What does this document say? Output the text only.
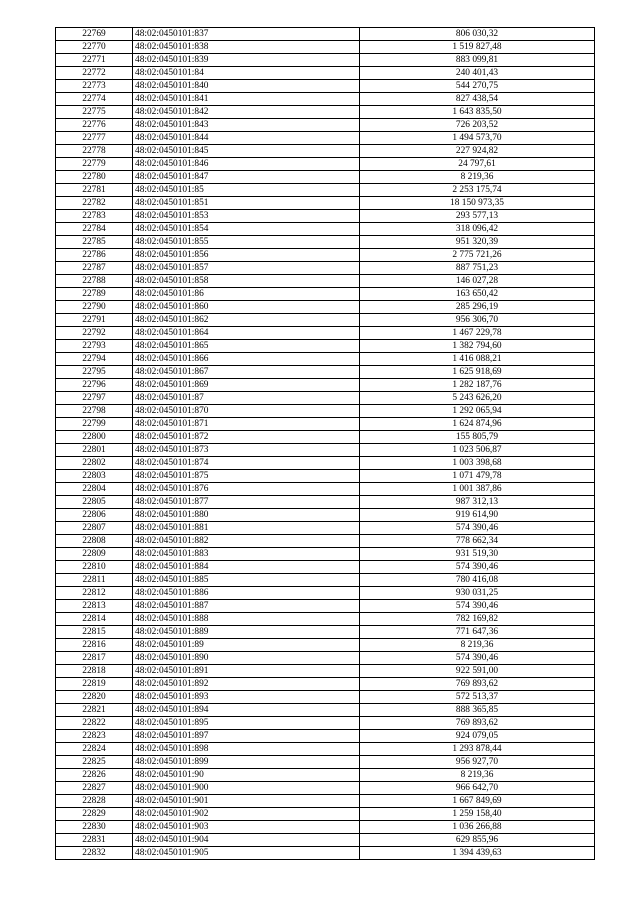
22769	48:02:0450101:837	806 030,32
22770	48:02:0450101:838	1 519 827,48
22771	48:02:0450101:839	883 099,81
22772	48:02:0450101:84	240 401,43
22773	48:02:0450101:840	544 270,75
22774	48:02:0450101:841	827 438,54
22775	48:02:0450101:842	1 643 835,50
22776	48:02:0450101:843	726 203,52
22777	48:02:0450101:844	1 494 573,70
22778	48:02:0450101:845	227 924,82
22779	48:02:0450101:846	24 797,61
22780	48:02:0450101:847	8 219,36
22781	48:02:0450101:85	2 253 175,74
22782	48:02:0450101:851	18 150 973,35
22783	48:02:0450101:853	293 577,13
22784	48:02:0450101:854	318 096,42
22785	48:02:0450101:855	951 320,39
22786	48:02:0450101:856	2 775 721,26
22787	48:02:0450101:857	887 751,23
22788	48:02:0450101:858	146 027,28
22789	48:02:0450101:86	163 650,42
22790	48:02:0450101:860	285 296,19
22791	48:02:0450101:862	956 306,70
22792	48:02:0450101:864	1 467 229,78
22793	48:02:0450101:865	1 382 794,60
22794	48:02:0450101:866	1 416 088,21
22795	48:02:0450101:867	1 625 918,69
22796	48:02:0450101:869	1 282 187,76
22797	48:02:0450101:87	5 243 626,20
22798	48:02:0450101:870	1 292 065,94
22799	48:02:0450101:871	1 624 874,96
22800	48:02:0450101:872	155 805,79
22801	48:02:0450101:873	1 023 506,87
22802	48:02:0450101:874	1 003 398,68
22803	48:02:0450101:875	1 071 479,78
22804	48:02:0450101:876	1 001 387,86
22805	48:02:0450101:877	987 312,13
22806	48:02:0450101:880	919 614,90
22807	48:02:0450101:881	574 390,46
22808	48:02:0450101:882	778 662,34
22809	48:02:0450101:883	931 519,30
22810	48:02:0450101:884	574 390,46
22811	48:02:0450101:885	780 416,08
22812	48:02:0450101:886	930 031,25
22813	48:02:0450101:887	574 390,46
22814	48:02:0450101:888	782 169,82
22815	48:02:0450101:889	771 647,36
22816	48:02:0450101:89	8 219,36
22817	48:02:0450101:890	574 390,46
22818	48:02:0450101:891	922 591,00
22819	48:02:0450101:892	769 893,62
22820	48:02:0450101:893	572 513,37
22821	48:02:0450101:894	888 365,85
22822	48:02:0450101:895	769 893,62
22823	48:02:0450101:897	924 079,05
22824	48:02:0450101:898	1 293 878,44
22825	48:02:0450101:899	956 927,70
22826	48:02:0450101:90	8 219,36
22827	48:02:0450101:900	966 642,70
22828	48:02:0450101:901	1 667 849,69
22829	48:02:0450101:902	1 259 158,40
22830	48:02:0450101:903	1 036 266,88
22831	48:02:0450101:904	629 855,96
22832	48:02:0450101:905	1 394 439,63
